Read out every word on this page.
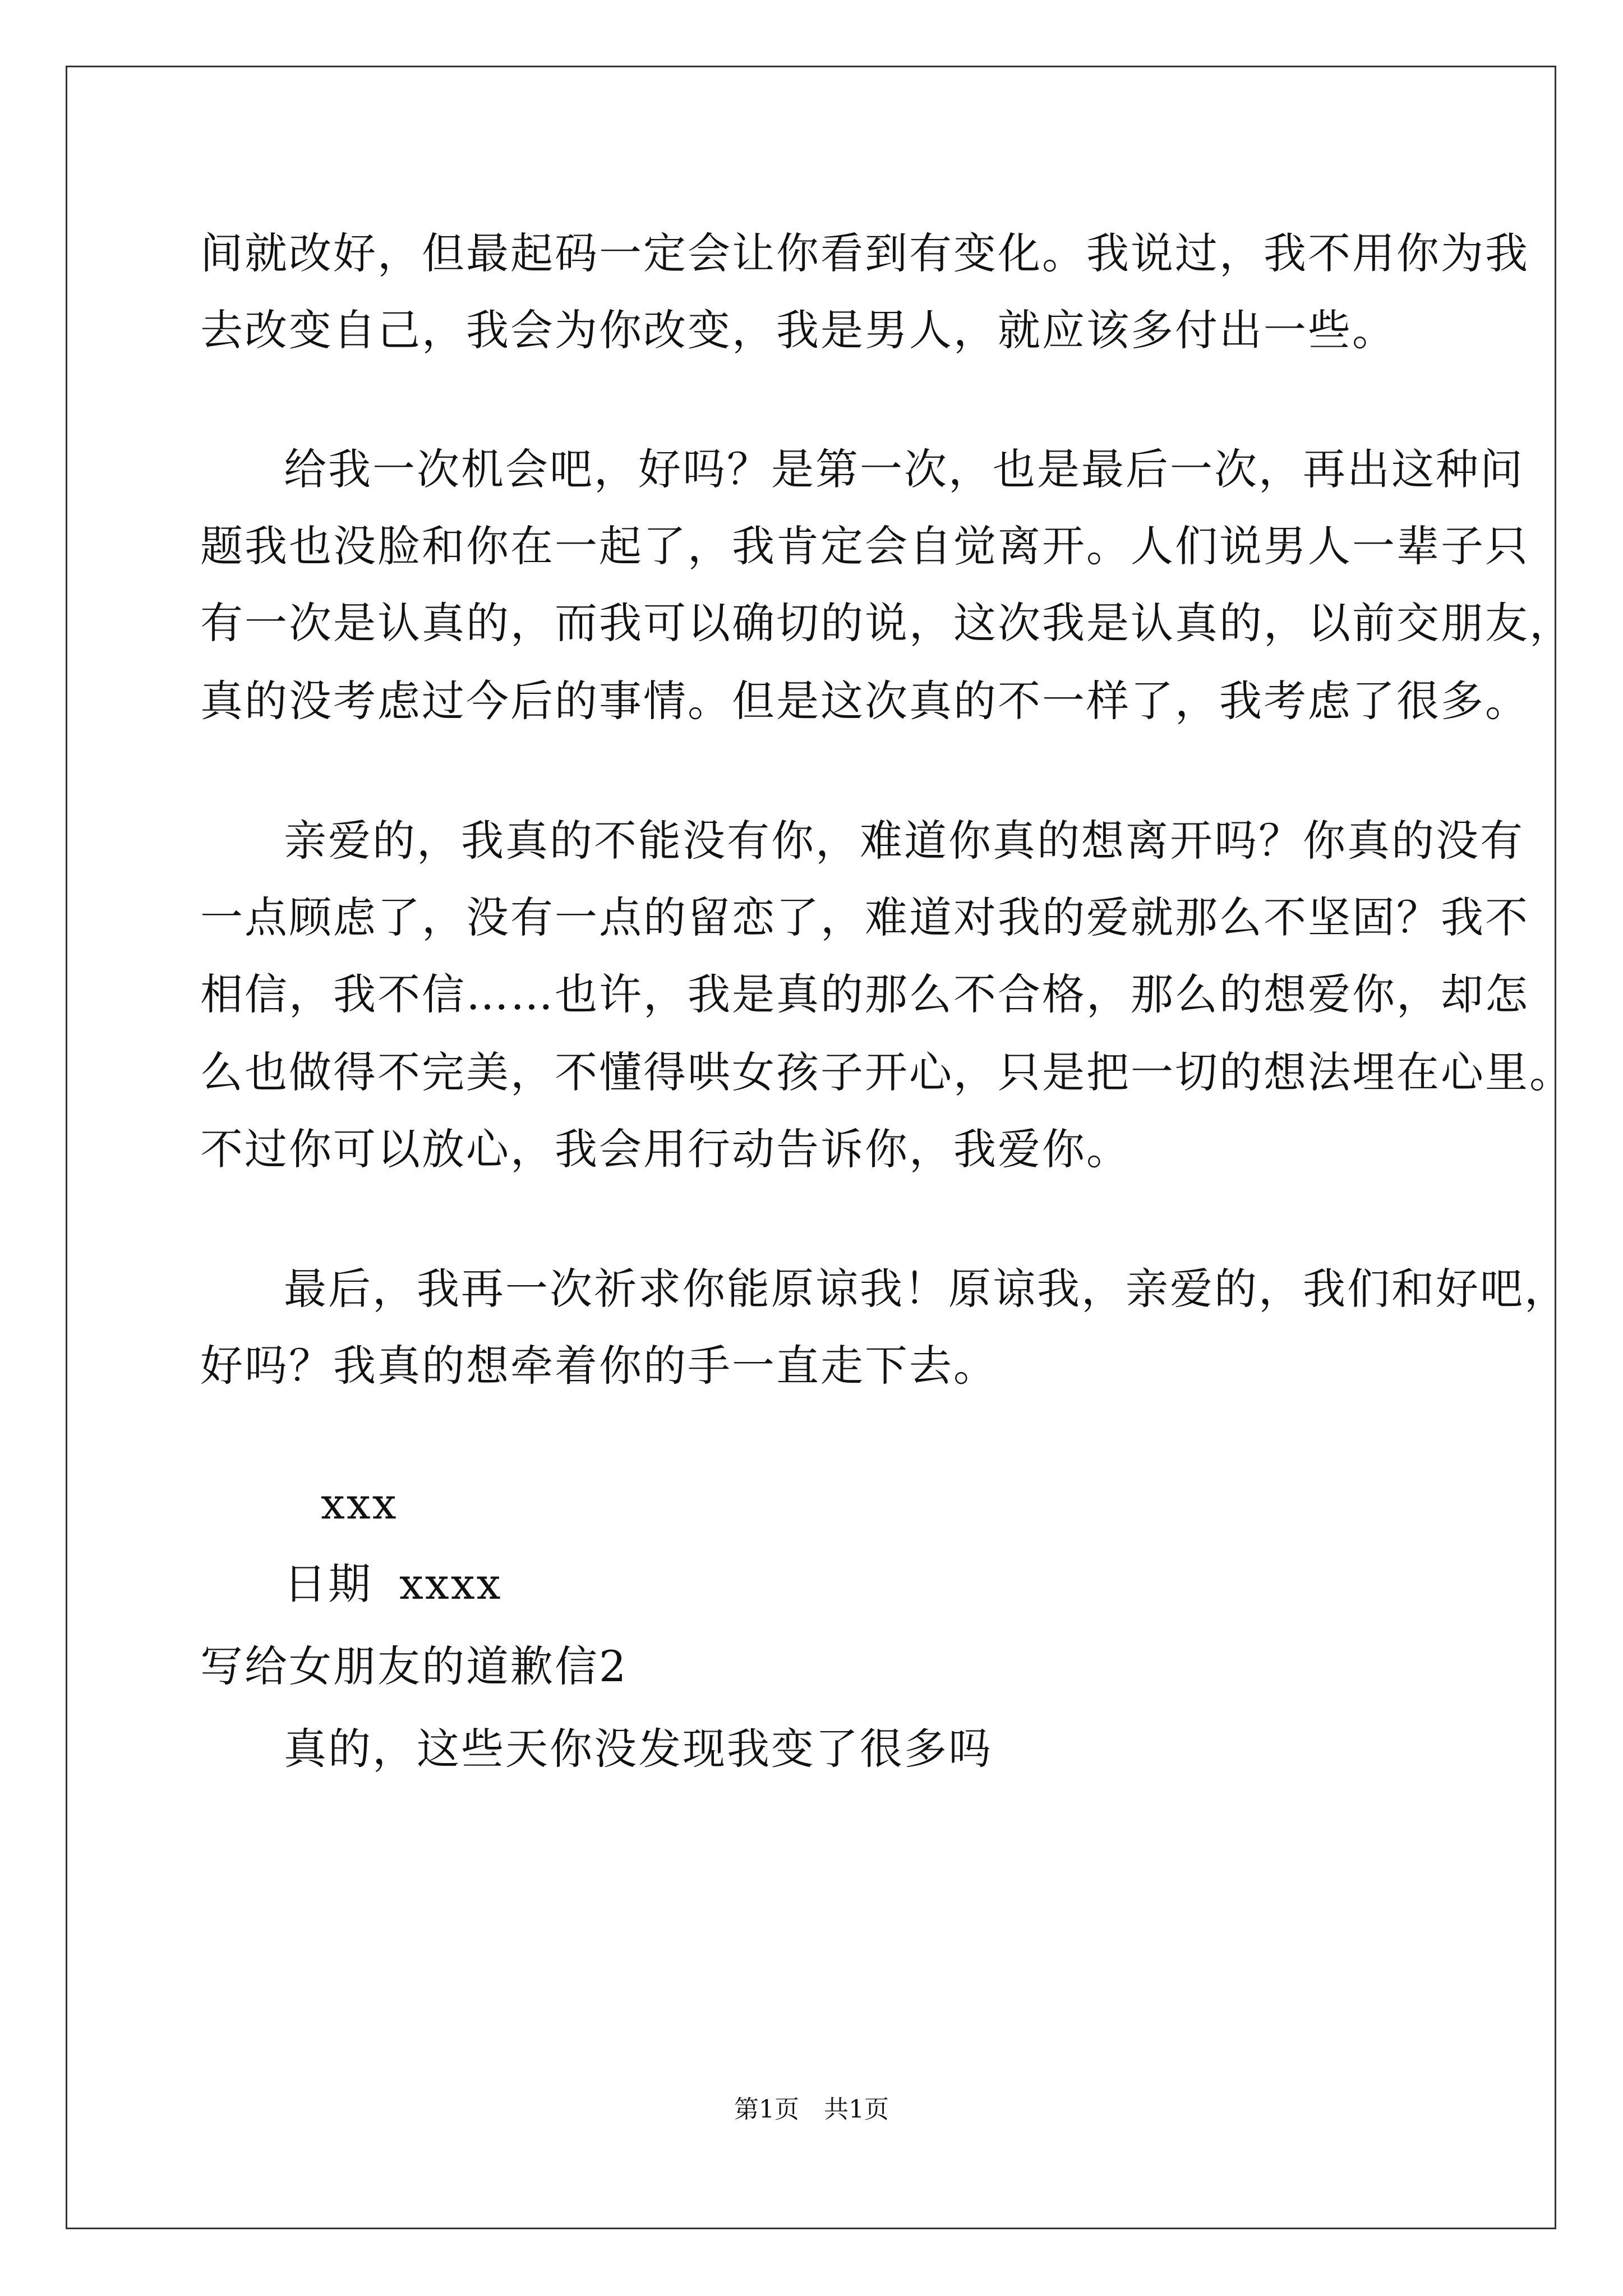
间就改好，但最起码一定会让你看到有变化。我说过，我不用你为我
去改变自己，我会为你改变，我是男人，就应该多付出一些。
给我一次机会吧，好吗？是第一次，也是最后一次，再出这种问
题我也没脸和你在一起了，我肯定会自觉离开。人们说男人一辈子只
有一次是认真的，而我可以确切的说，这次我是认真的，以前交朋友，
真的没考虑过今后的事情。但是这次真的不一样了，我考虑了很多。
亲爱的，我真的不能没有你，难道你真的想离开吗？你真的没有
一点顾虑了，没有一点的留恋了，难道对我的爱就那么不坚固？我不
相信，我不信……也许，我是真的那么不合格，那么的想爱你，却怎
么也做得不完美，不懂得哄女孩子开心，只是把一切的想法埋在心里。
不过你可以放心，我会用行动告诉你，我爱你。
最后，我再一次祈求你能原谅我！原谅我，亲爱的，我们和好吧，
好吗？我真的想牵着你的手一直走下去。
xxx
日期 xxxx
写给女朋友的道歉信2
真的，这些天你没发现我变了很多吗
第1页　共1页
